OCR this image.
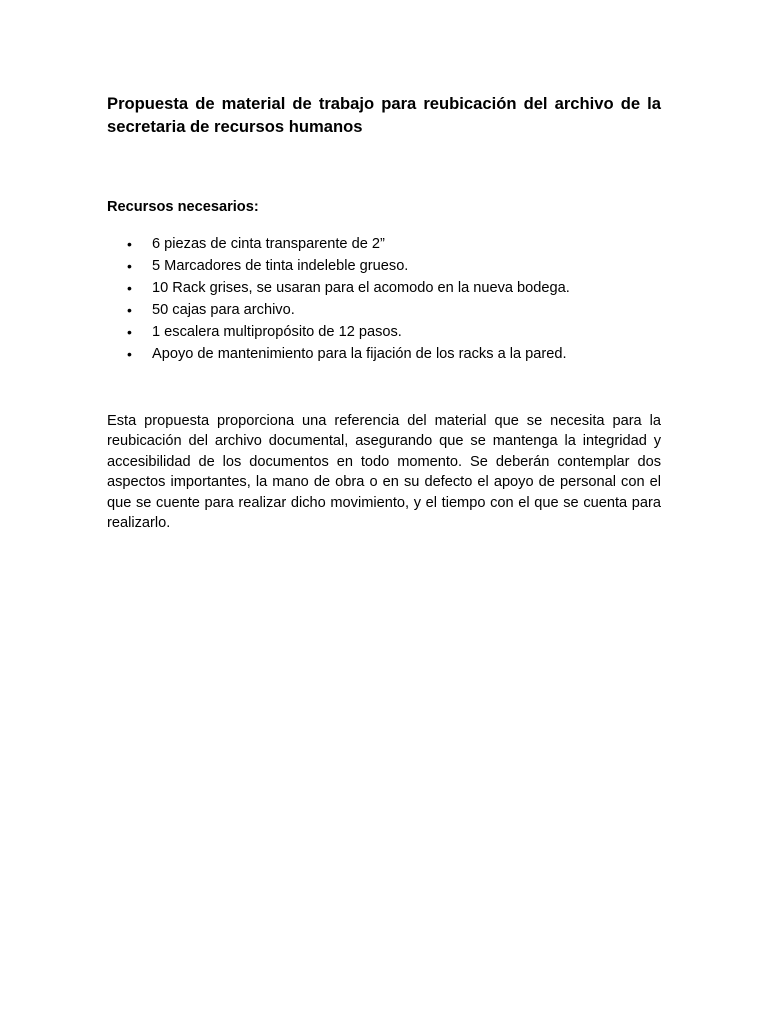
Propuesta de material de trabajo para reubicación del archivo de la secretaria de recursos humanos
Recursos necesarios:
• 6 piezas de cinta transparente de 2”
• 5 Marcadores de tinta indeleble grueso.
• 10 Rack grises, se usaran para el acomodo en la nueva bodega.
• 50 cajas para archivo.
• 1 escalera multipropósito de 12 pasos.
• Apoyo de mantenimiento para la fijación de los racks a la pared.

Esta propuesta proporciona una referencia del material que se necesita para la reubicación del archivo documental, asegurando que se mantenga la integridad y accesibilidad de los documentos en todo momento. Se deberán contemplar dos aspectos importantes, la mano de obra o en su defecto el apoyo de personal con el que se cuente para realizar dicho movimiento, y el tiempo con el que se cuenta para realizarlo.
